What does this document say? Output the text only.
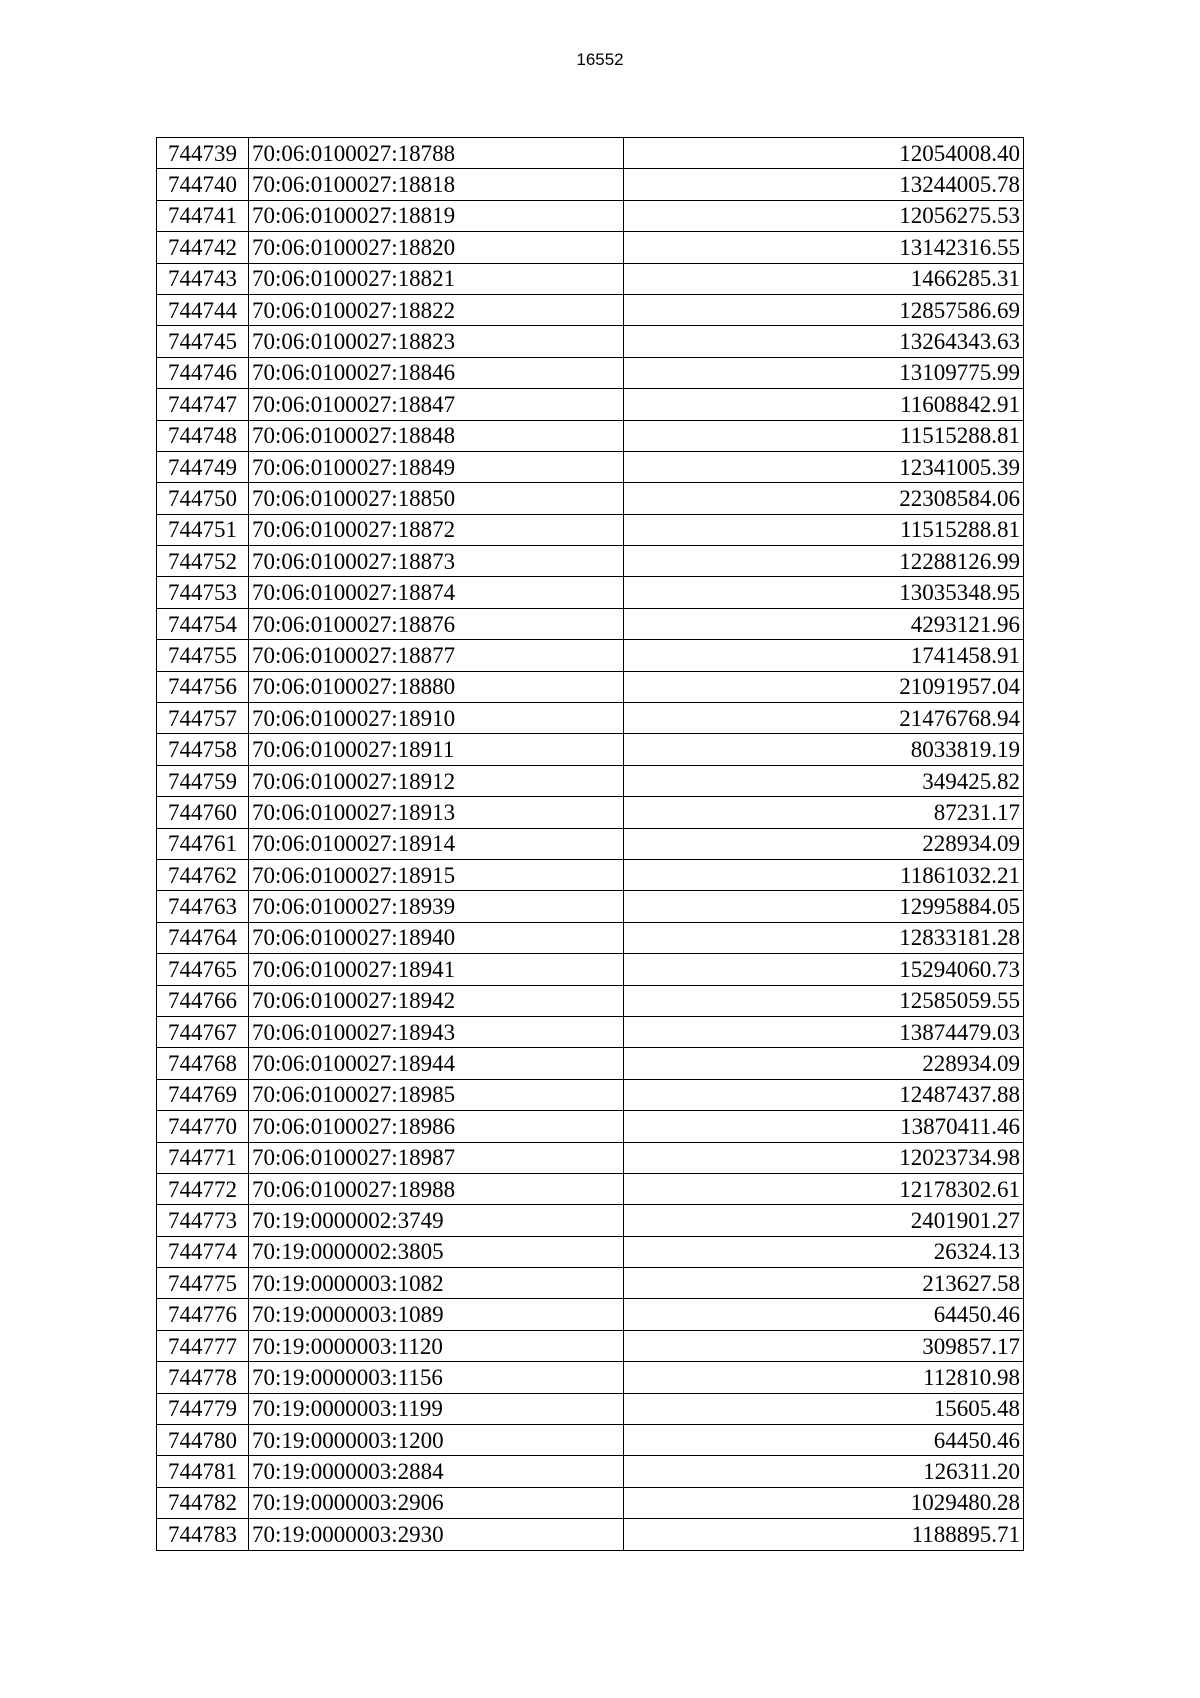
16552
744739	70:06:0100027:18788	12054008.40
744740	70:06:0100027:18818	13244005.78
744741	70:06:0100027:18819	12056275.53
744742	70:06:0100027:18820	13142316.55
744743	70:06:0100027:18821	1466285.31
744744	70:06:0100027:18822	12857586.69
744745	70:06:0100027:18823	13264343.63
744746	70:06:0100027:18846	13109775.99
744747	70:06:0100027:18847	11608842.91
744748	70:06:0100027:18848	11515288.81
744749	70:06:0100027:18849	12341005.39
744750	70:06:0100027:18850	22308584.06
744751	70:06:0100027:18872	11515288.81
744752	70:06:0100027:18873	12288126.99
744753	70:06:0100027:18874	13035348.95
744754	70:06:0100027:18876	4293121.96
744755	70:06:0100027:18877	1741458.91
744756	70:06:0100027:18880	21091957.04
744757	70:06:0100027:18910	21476768.94
744758	70:06:0100027:18911	8033819.19
744759	70:06:0100027:18912	349425.82
744760	70:06:0100027:18913	87231.17
744761	70:06:0100027:18914	228934.09
744762	70:06:0100027:18915	11861032.21
744763	70:06:0100027:18939	12995884.05
744764	70:06:0100027:18940	12833181.28
744765	70:06:0100027:18941	15294060.73
744766	70:06:0100027:18942	12585059.55
744767	70:06:0100027:18943	13874479.03
744768	70:06:0100027:18944	228934.09
744769	70:06:0100027:18985	12487437.88
744770	70:06:0100027:18986	13870411.46
744771	70:06:0100027:18987	12023734.98
744772	70:06:0100027:18988	12178302.61
744773	70:19:0000002:3749	2401901.27
744774	70:19:0000002:3805	26324.13
744775	70:19:0000003:1082	213627.58
744776	70:19:0000003:1089	64450.46
744777	70:19:0000003:1120	309857.17
744778	70:19:0000003:1156	112810.98
744779	70:19:0000003:1199	15605.48
744780	70:19:0000003:1200	64450.46
744781	70:19:0000003:2884	126311.20
744782	70:19:0000003:2906	1029480.28
744783	70:19:0000003:2930	1188895.71
